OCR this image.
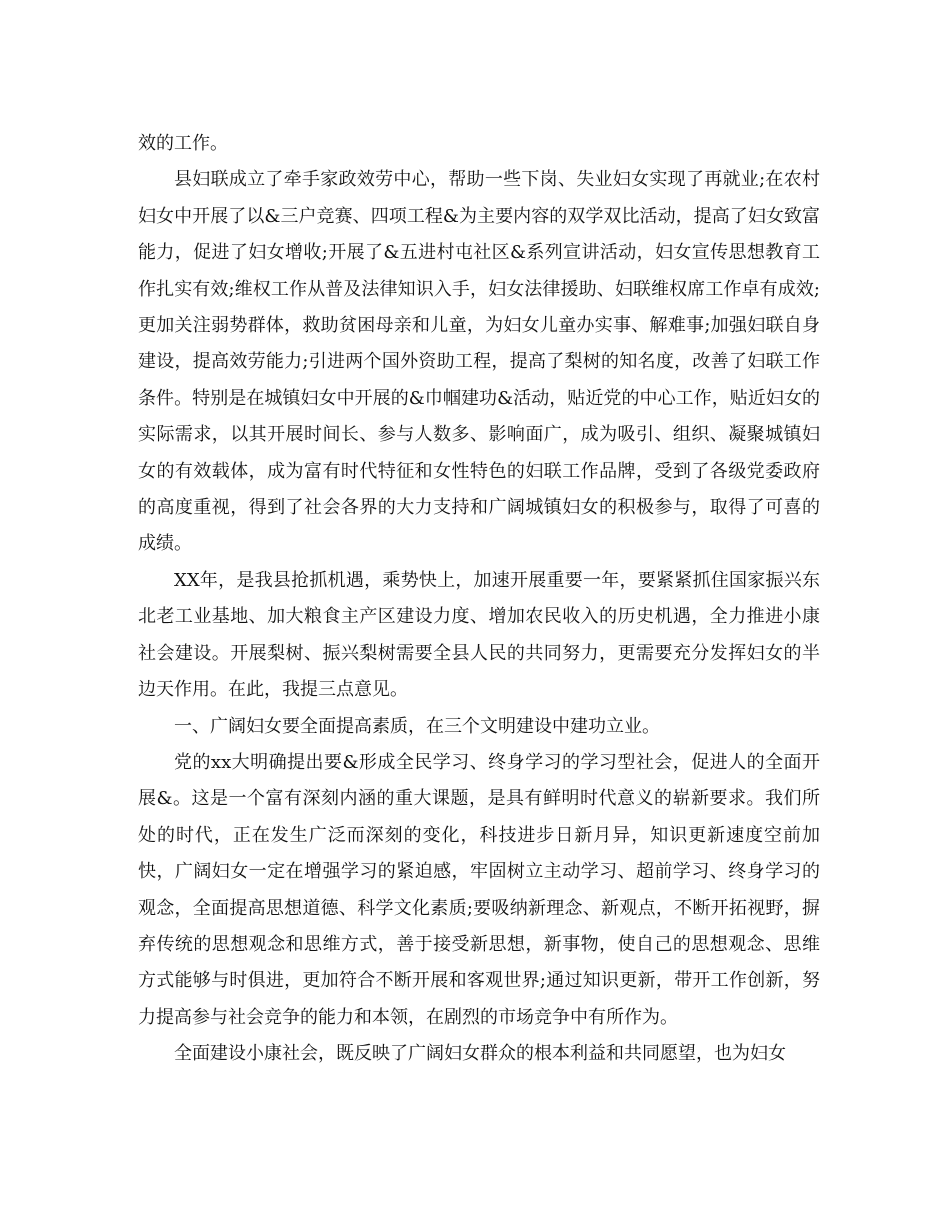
效的工作。

县妇联成立了牵手家政效劳中心，帮助一些下岗、失业妇女实现了再就业;在农村妇女中开展了以&三户竞赛、四项工程&为主要内容的双学双比活动，提高了妇女致富能力，促进了妇女增收;开展了&五进村屯社区&系列宣讲活动，妇女宣传思想教育工作扎实有效;维权工作从普及法律知识入手，妇女法律援助、妇联维权席工作卓有成效;更加关注弱势群体，救助贫困母亲和儿童，为妇女儿童办实事、解难事;加强妇联自身建设，提高效劳能力;引进两个国外资助工程，提高了梨树的知名度，改善了妇联工作条件。特别是在城镇妇女中开展的&巾帼建功&活动，贴近党的中心工作，贴近妇女的实际需求，以其开展时间长、参与人数多、影响面广，成为吸引、组织、凝聚城镇妇女的有效载体，成为富有时代特征和女性特色的妇联工作品牌，受到了各级党委政府的高度重视，得到了社会各界的大力支持和广阔城镇妇女的积极参与，取得了可喜的成绩。

XX年，是我县抢抓机遇，乘势快上，加速开展重要一年，要紧紧抓住国家振兴东北老工业基地、加大粮食主产区建设力度、增加农民收入的历史机遇，全力推进小康社会建设。开展梨树、振兴梨树需要全县人民的共同努力，更需要充分发挥妇女的半边天作用。在此，我提三点意见。

一、广阔妇女要全面提高素质，在三个文明建设中建功立业。

党的xx大明确提出要&形成全民学习、终身学习的学习型社会，促进人的全面开展&。这是一个富有深刻内涵的重大课题，是具有鲜明时代意义的崭新要求。我们所处的时代，正在发生广泛而深刻的变化，科技进步日新月异，知识更新速度空前加快，广阔妇女一定在增强学习的紧迫感，牢固树立主动学习、超前学习、终身学习的观念，全面提高思想道德、科学文化素质;要吸纳新理念、新观点，不断开拓视野，摒弃传统的思想观念和思维方式，善于接受新思想，新事物，使自己的思想观念、思维方式能够与时俱进，更加符合不断开展和客观世界;通过知识更新，带开工作创新，努力提高参与社会竞争的能力和本领，在剧烈的市场竞争中有所作为。

全面建设小康社会，既反映了广阔妇女群众的根本利益和共同愿望，也为妇女
